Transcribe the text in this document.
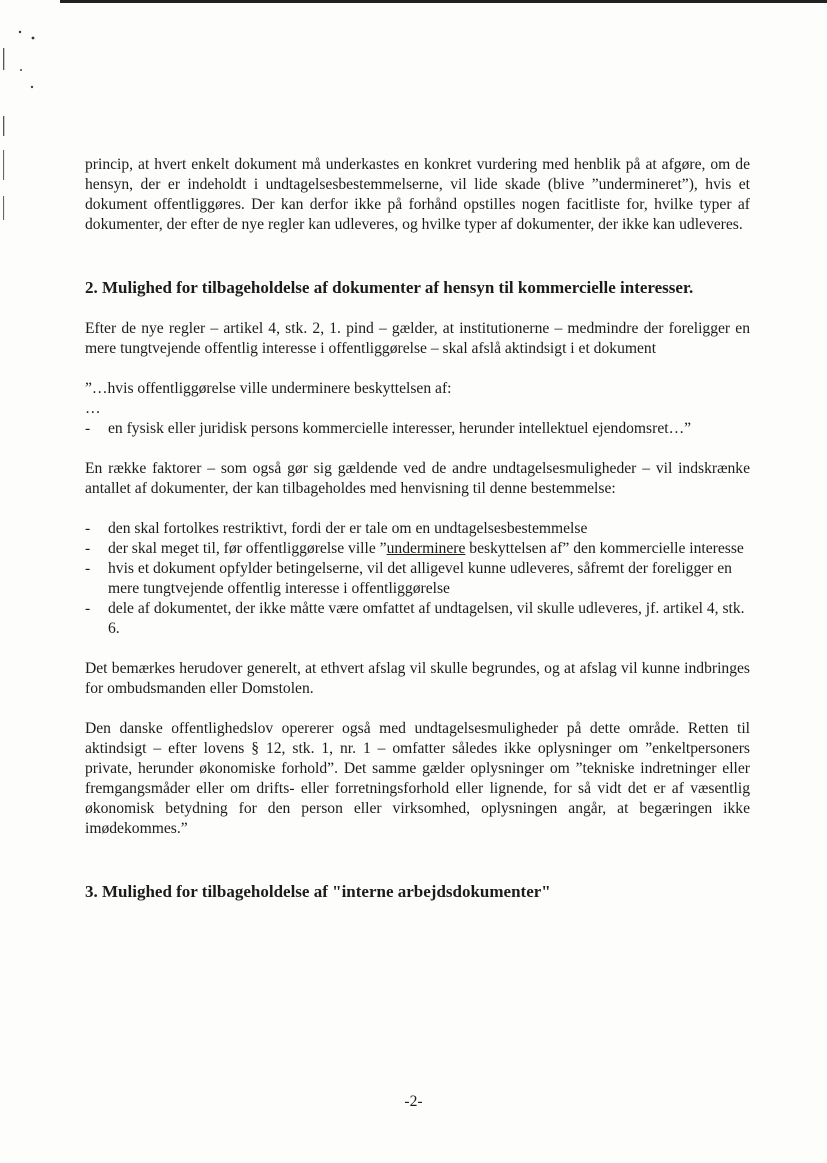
princip, at hvert enkelt dokument må underkastes en konkret vurdering med henblik på at afgøre, om de hensyn, der er indeholdt i undtagelsesbestemmelserne, vil lide skade (blive ”undermineret”), hvis et dokument offentliggøres. Der kan derfor ikke på forhånd opstilles nogen facitliste for, hvilke typer af dokumenter, der efter de nye regler kan udleveres, og hvilke typer af dokumenter, der ikke kan udleveres.

2. Mulighed for tilbageholdelse af dokumenter af hensyn til kommercielle interesser.

Efter de nye regler – artikel 4, stk. 2, 1. pind – gælder, at institutionerne – medmindre der foreligger en mere tungtvejende offentlig interesse i offentliggørelse – skal afslå aktindsigt i et dokument

”…hvis offentliggørelse ville underminere beskyttelsen af:

…

- en fysisk eller juridisk persons kommercielle interesser, herunder intellektuel ejendomsret…”

En række faktorer – som også gør sig gældende ved de andre undtagelsesmuligheder – vil indskrænke antallet af dokumenter, der kan tilbageholdes med henvisning til denne bestemmelse:

- den skal fortolkes restriktivt, fordi der er tale om en undtagelsesbestemmelse
- der skal meget til, før offentliggørelse ville ”underminere beskyttelsen af” den kommercielle interesse
- hvis et dokument opfylder betingelserne, vil det alligevel kunne udleveres, såfremt der foreligger en mere tungtvejende offentlig interesse i offentliggørelse
- dele af dokumentet, der ikke måtte være omfattet af undtagelsen, vil skulle udleveres, jf. artikel 4, stk. 6.

Det bemærkes herudover generelt, at ethvert afslag vil skulle begrundes, og at afslag vil kunne indbringes for ombudsmanden eller Domstolen.

Den danske offentlighedslov opererer også med undtagelsesmuligheder på dette område. Retten til aktindsigt – efter lovens § 12, stk. 1, nr. 1 – omfatter således ikke oplysninger om ”enkeltpersoners private, herunder økonomiske forhold”. Det samme gælder oplysninger om ”tekniske indretninger eller fremgangsmåder eller om drifts- eller forretningsforhold eller lignende, for så vidt det er af væsentlig økonomisk betydning for den person eller virksomhed, oplysningen angår, at begæringen ikke imødekommes.”

3. Mulighed for tilbageholdelse af "interne arbejdsdokumenter"
-2-
